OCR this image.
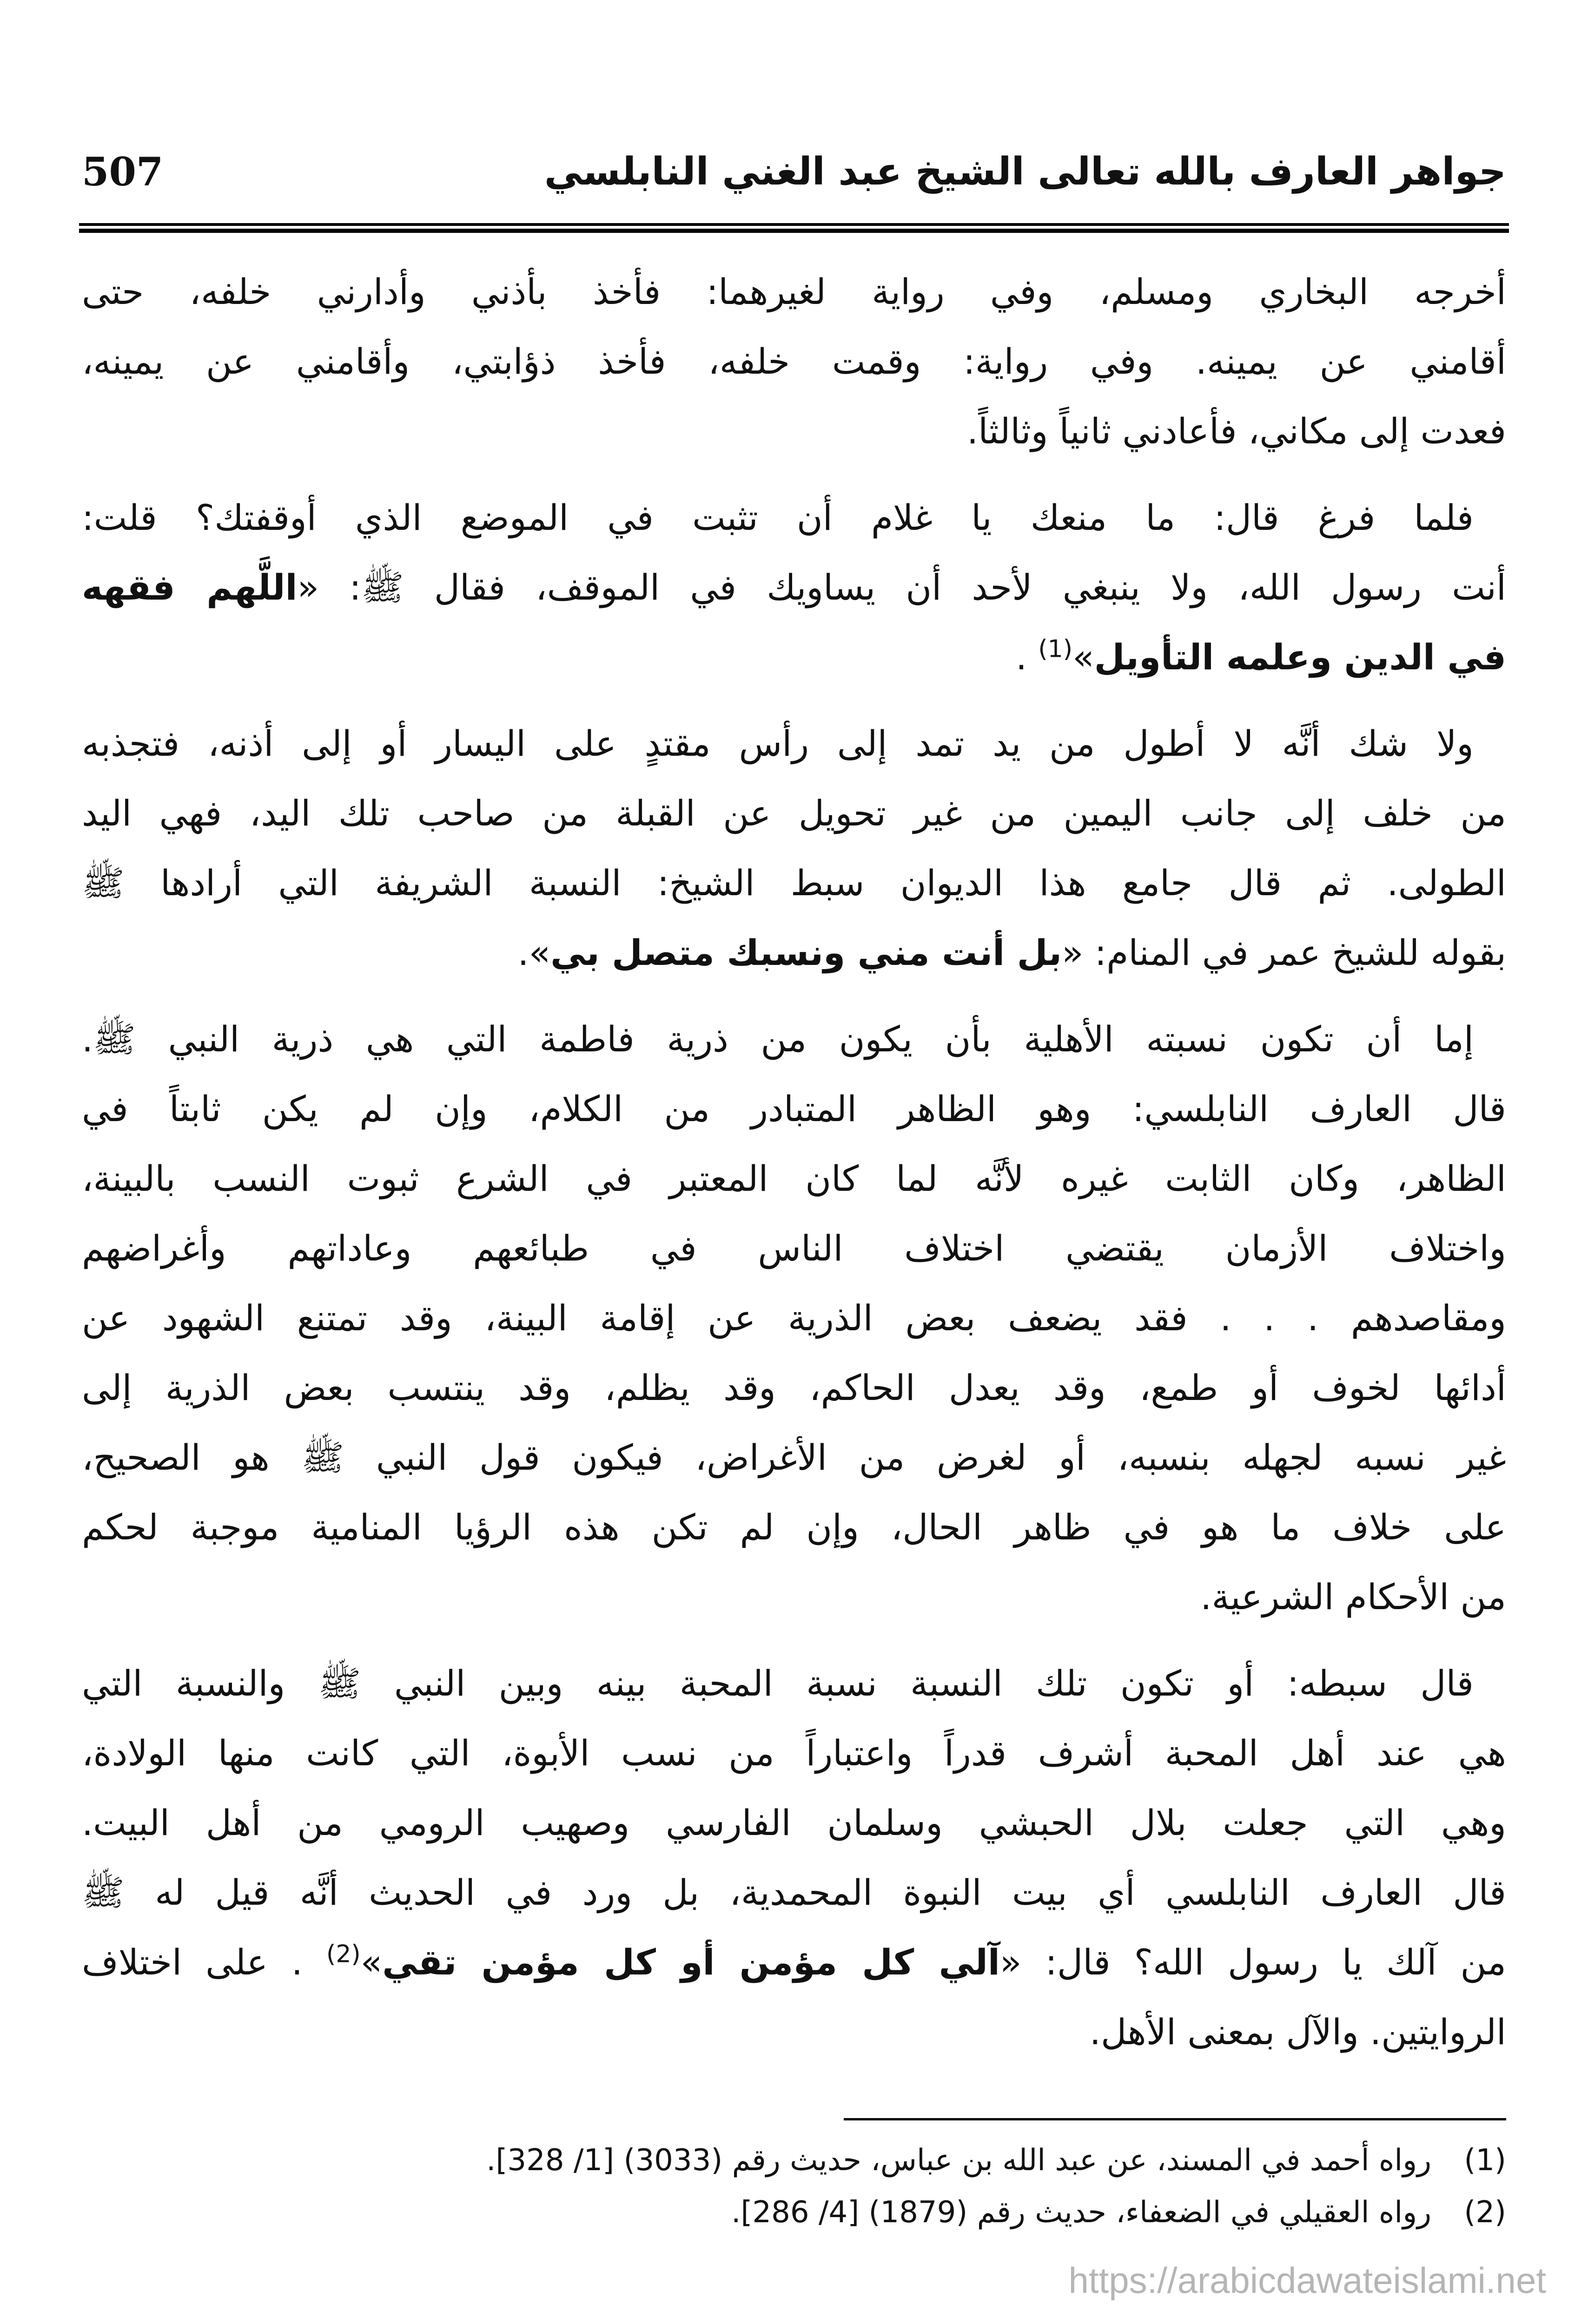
جواهر العارف بالله تعالى الشيخ عبد الغني النابلسي
507
أخرجه البخاري ومسلم، وفي رواية لغيرهما: فأخذ بأذني وأدارني خلفه، حتى
أقامني عن يمينه. وفي رواية: وقمت خلفه، فأخذ ذؤابتي، وأقامني عن يمينه،
فعدت إلى مكاني، فأعادني ثانياً وثالثاً.
فلما فرغ قال: ما منعك يا غلام أن تثبت في الموضع الذي أوقفتك؟ قلت:
أنت رسول الله، ولا ينبغي لأحد أن يساويك في الموقف، فقال ﷺ: «اللَّهم فقهه
في الدين وعلمه التأويل»$^{(1)}$ .
ولا شك أنَّه لا أطول من يد تمد إلى رأس مقتدٍ على اليسار أو إلى أذنه، فتجذبه
من خلف إلى جانب اليمين من غير تحويل عن القبلة من صاحب تلك اليد، فهي اليد
الطولى. ثم قال جامع هذا الديوان سبط الشيخ: النسبة الشريفة التي أرادها ﷺ
بقوله للشيخ عمر في المنام: «بل أنت مني ونسبك متصل بي».
إما أن تكون نسبته الأهلية بأن يكون من ذرية فاطمة التي هي ذرية النبي ﷺ.
قال العارف النابلسي: وهو الظاهر المتبادر من الكلام، وإن لم يكن ثابتاً في
الظاهر، وكان الثابت غيره لأنَّه لما كان المعتبر في الشرع ثبوت النسب بالبينة،
واختلاف الأزمان يقتضي اختلاف الناس في طبائعهم وعاداتهم وأغراضهم
ومقاصدهم . . . فقد يضعف بعض الذرية عن إقامة البينة، وقد تمتنع الشهود عن
أدائها لخوف أو طمع، وقد يعدل الحاكم، وقد يظلم، وقد ينتسب بعض الذرية إلى
غير نسبه لجهله بنسبه، أو لغرض من الأغراض، فيكون قول النبي ﷺ هو الصحيح،
على خلاف ما هو في ظاهر الحال، وإن لم تكن هذه الرؤيا المنامية موجبة لحكم
من الأحكام الشرعية.
قال سبطه: أو تكون تلك النسبة نسبة المحبة بينه وبين النبي ﷺ والنسبة التي
هي عند أهل المحبة أشرف قدراً واعتباراً من نسب الأبوة، التي كانت منها الولادة،
وهي التي جعلت بلال الحبشي وسلمان الفارسي وصهيب الرومي من أهل البيت.
قال العارف النابلسي أي بيت النبوة المحمدية، بل ورد في الحديث أنَّه قيل له ﷺ
من آلك يا رسول الله؟ قال: «آلي كل مؤمن أو كل مؤمن تقي»$^{(2)}$ . على اختلاف
الروايتين. والآل بمعنى الأهل.
(1) رواه أحمد في المسند، عن عبد الله بن عباس، حديث رقم (3033) [1/ 328].
(2) رواه العقيلي في الضعفاء، حديث رقم (1879) [4/ 286].
https://arabicdawateislami.net
